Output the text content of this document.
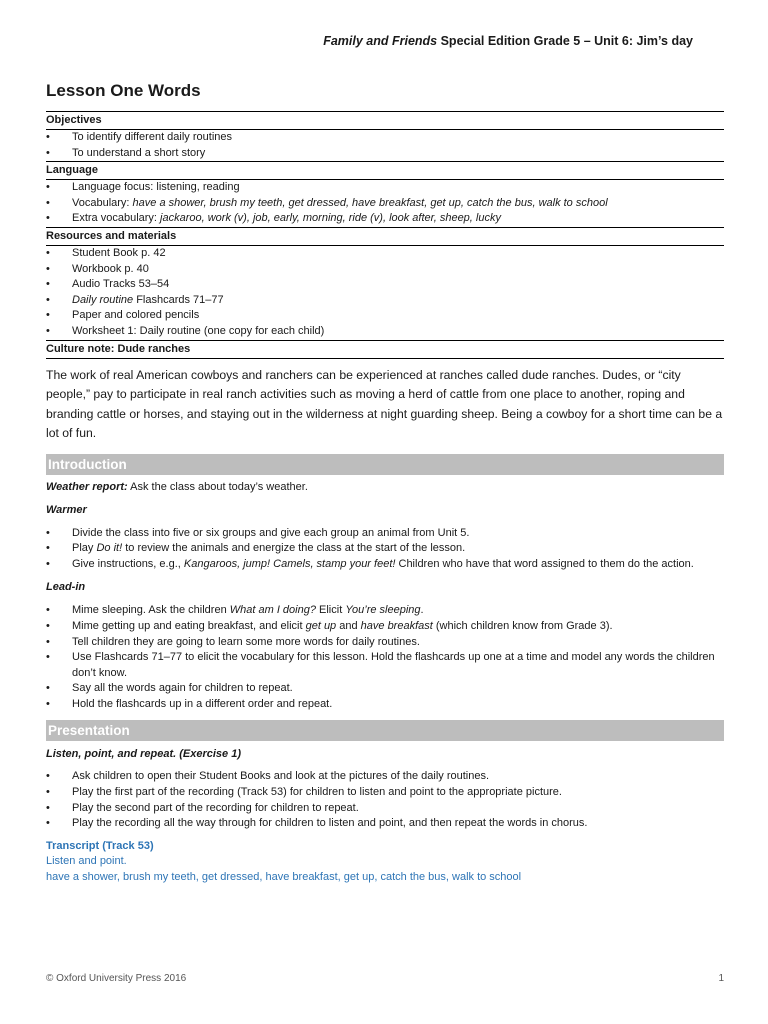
Family and Friends Special Edition Grade 5 – Unit 6: Jim’s day
Lesson One Words
Objectives
• To identify different daily routines
• To understand a short story
Language
• Language focus: listening, reading
• Vocabulary: have a shower, brush my teeth, get dressed, have breakfast, get up, catch the bus, walk to school
• Extra vocabulary: jackaroo, work (v), job, early, morning, ride (v), look after, sheep, lucky
Resources and materials
• Student Book p. 42
• Workbook p. 40
• Audio Tracks 53–54
• Daily routine Flashcards 71–77
• Paper and colored pencils
• Worksheet 1: Daily routine (one copy for each child)
Culture note: Dude ranches
The work of real American cowboys and ranchers can be experienced at ranches called dude ranches. Dudes, or “city people,” pay to participate in real ranch activities such as moving a herd of cattle from one place to another, roping and branding cattle or horses, and staying out in the wilderness at night guarding sheep. Being a cowboy for a short time can be a lot of fun.
Introduction
Weather report: Ask the class about today’s weather.
Warmer
• Divide the class into five or six groups and give each group an animal from Unit 5.
• Play Do it! to review the animals and energize the class at the start of the lesson.
• Give instructions, e.g., Kangaroos, jump! Camels, stamp your feet! Children who have that word assigned to them do the action.
Lead-in
• Mime sleeping. Ask the children What am I doing? Elicit You’re sleeping.
• Mime getting up and eating breakfast, and elicit get up and have breakfast (which children know from Grade 3).
• Tell children they are going to learn some more words for daily routines.
• Use Flashcards 71–77 to elicit the vocabulary for this lesson. Hold the flashcards up one at a time and model any words the children don’t know.
• Say all the words again for children to repeat.
• Hold the flashcards up in a different order and repeat.
Presentation
Listen, point, and repeat. (Exercise 1)
• Ask children to open their Student Books and look at the pictures of the daily routines.
• Play the first part of the recording (Track 53) for children to listen and point to the appropriate picture.
• Play the second part of the recording for children to repeat.
• Play the recording all the way through for children to listen and point, and then repeat the words in chorus.
Transcript (Track 53)
Listen and point.
have a shower, brush my teeth, get dressed, have breakfast, get up, catch the bus, walk to school
© Oxford University Press 2016	1
